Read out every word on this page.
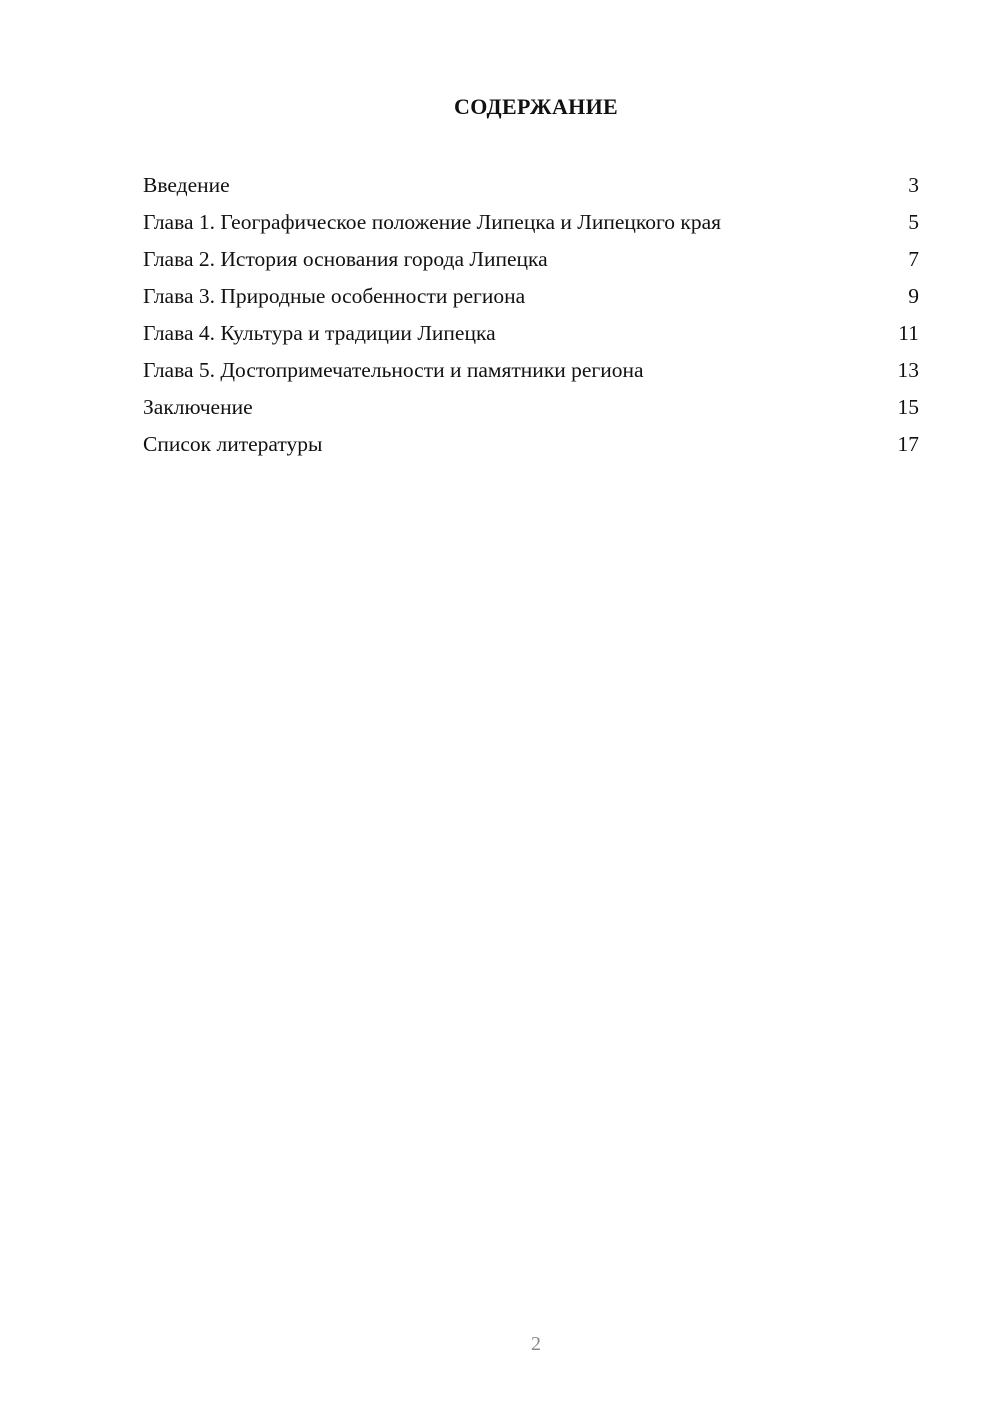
СОДЕРЖАНИЕ
Введение	3
Глава 1. Географическое положение Липецка и Липецкого края	5
Глава 2. История основания города Липецка	7
Глава 3. Природные особенности региона	9
Глава 4. Культура и традиции Липецка	11
Глава 5. Достопримечательности и памятники региона	13
Заключение	15
Список литературы	17
2
